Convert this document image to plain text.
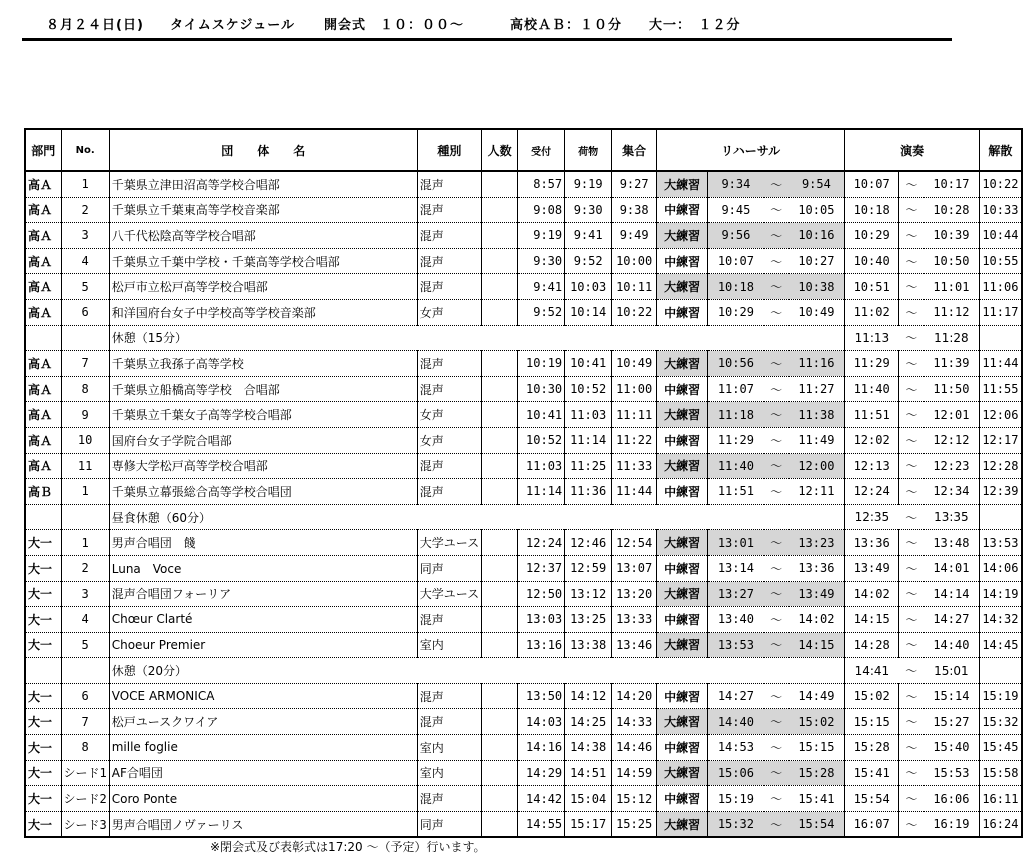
８月２４日(日) タイムスケジュール 開会式　１０：００～	高校ＡＢ：１０分 大一：　１２分
部門	No.	団　　体　　名	種別	人数	受付	荷物	集合	リハーサル				演奏			解散
高Ａ	1	千葉県立津田沼高等学校合唱部	混声		8:57	9:19	9:27	大練習	9:34	～	9:54	10:07	～	10:17	10:22
高Ａ	2	千葉県立千葉東高等学校音楽部	混声		9:08	9:30	9:38	中練習	9:45	～	10:05	10:18	～	10:28	10:33
高Ａ	3	八千代松陰高等学校合唱部	混声		9:19	9:41	9:49	大練習	9:56	～	10:16	10:29	～	10:39	10:44
高Ａ	4	千葉県立千葉中学校・千葉高等学校合唱部	混声		9:30	9:52	10:00	中練習	10:07	～	10:27	10:40	～	10:50	10:55
高Ａ	5	松戸市立松戸高等学校合唱部	混声		9:41	10:03	10:11	大練習	10:18	～	10:38	10:51	～	11:01	11:06
高Ａ	6	和洋国府台女子中学校高等学校音楽部	女声		9:52	10:14	10:22	中練習	10:29	～	10:49	11:02	～	11:12	11:17
		休憩（15分）										11:13	～	11:28	
高Ａ	7	千葉県立我孫子高等学校	混声		10:19	10:41	10:49	大練習	10:56	～	11:16	11:29	～	11:39	11:44
高Ａ	8	千葉県立船橋高等学校　合唱部	混声		10:30	10:52	11:00	中練習	11:07	～	11:27	11:40	～	11:50	11:55
高Ａ	9	千葉県立千葉女子高等学校合唱部	女声		10:41	11:03	11:11	大練習	11:18	～	11:38	11:51	～	12:01	12:06
高Ａ	10	国府台女子学院合唱部	女声		10:52	11:14	11:22	中練習	11:29	～	11:49	12:02	～	12:12	12:17
高Ａ	11	専修大学松戸高等学校合唱部	混声		11:03	11:25	11:33	大練習	11:40	～	12:00	12:13	～	12:23	12:28
高Ｂ	1	千葉県立幕張総合高等学校合唱団	混声		11:14	11:36	11:44	中練習	11:51	～	12:11	12:24	～	12:34	12:39
		昼食休憩（60分）										12:35	～	13:35	
大一	1	男声合唱団　餞	大学ユース		12:24	12:46	12:54	大練習	13:01	～	13:23	13:36	～	13:48	13:53
大一	2	Luna　Voce	同声		12:37	12:59	13:07	中練習	13:14	～	13:36	13:49	～	14:01	14:06
大一	3	混声合唱団フォーリア	大学ユース		12:50	13:12	13:20	大練習	13:27	～	13:49	14:02	～	14:14	14:19
大一	4	Chœur Clarté	混声		13:03	13:25	13:33	中練習	13:40	～	14:02	14:15	～	14:27	14:32
大一	5	Choeur Premier	室内		13:16	13:38	13:46	大練習	13:53	～	14:15	14:28	～	14:40	14:45
		休憩（20分）										14:41	～	15:01	
大一	6	VOCE ARMONICA	混声		13:50	14:12	14:20	中練習	14:27	～	14:49	15:02	～	15:14	15:19
大一	7	松戸ユースクワイア	混声		14:03	14:25	14:33	大練習	14:40	～	15:02	15:15	～	15:27	15:32
大一	8	mille foglie	室内		14:16	14:38	14:46	中練習	14:53	～	15:15	15:28	～	15:40	15:45
大一	シード1	AF合唱団	室内		14:29	14:51	14:59	大練習	15:06	～	15:28	15:41	～	15:53	15:58
大一	シード2	Coro Ponte	混声		14:42	15:04	15:12	中練習	15:19	～	15:41	15:54	～	16:06	16:11
大一	シード3	男声合唱団ノヴァーリス	同声		14:55	15:17	15:25	大練習	15:32	～	15:54	16:07	～	16:19	16:24
※閉会式及び表彰式は17:20 ～（予定）行います。
